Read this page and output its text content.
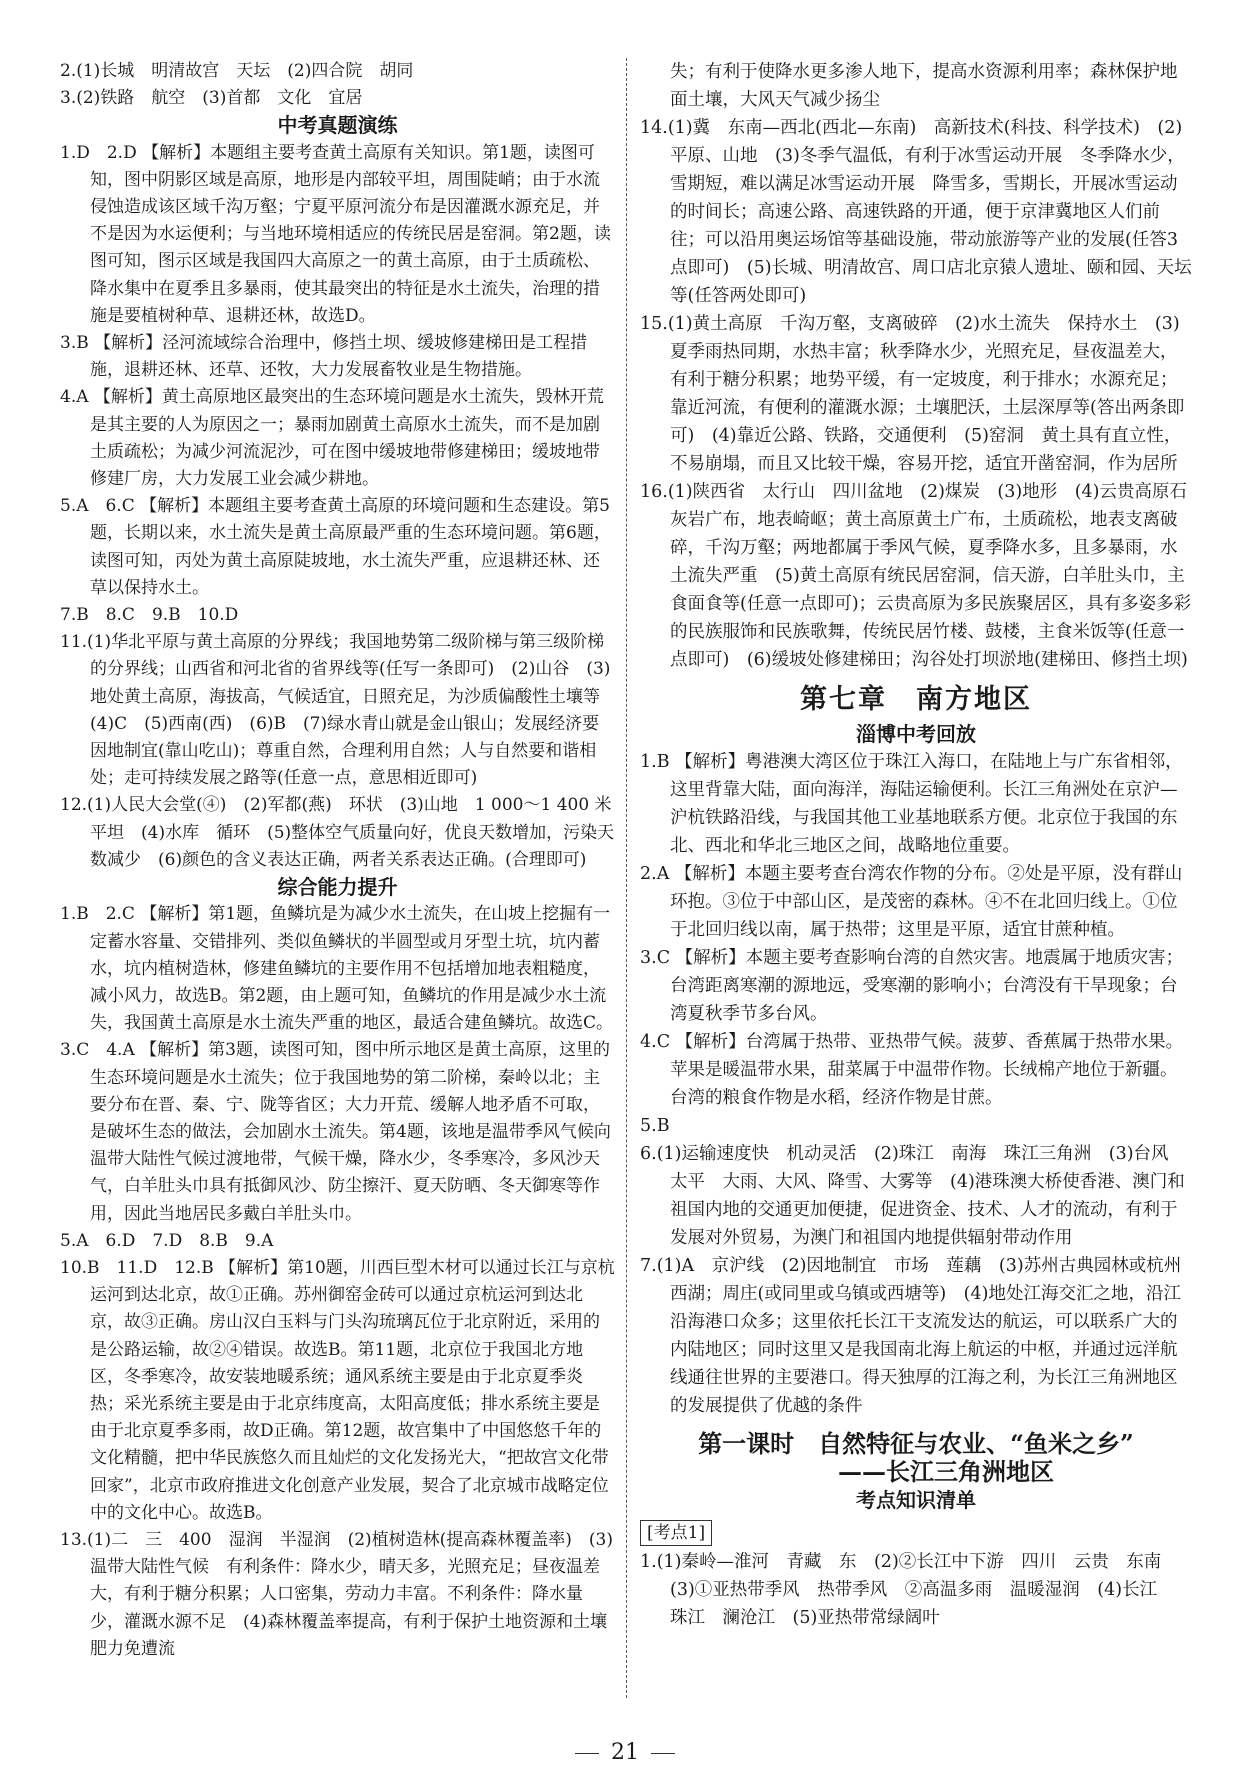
2.(1)长城　明清故宫　天坛　(2)四合院　胡同

3.(2)铁路　航空　(3)首都　文化　宜居

中考真题演练

1.D　2.D 【解析】本题组主要考查黄土高原有关知识。第1题，读图可知，图中阴影区域是高原，地形是内部较平坦，周围陡峭；由于水流侵蚀造成该区域千沟万壑；宁夏平原河流分布是因灌溉水源充足，并不是因为水运便利；与当地环境相适应的传统民居是窑洞。第2题，读图可知，图示区域是我国四大高原之一的黄土高原，由于土质疏松、降水集中在夏季且多暴雨，使其最突出的特征是水土流失，治理的措施是要植树种草、退耕还林，故选D。

3.B 【解析】泾河流域综合治理中，修挡土坝、缓坡修建梯田是工程措施，退耕还林、还草、还牧，大力发展畜牧业是生物措施。

4.A 【解析】黄土高原地区最突出的生态环境问题是水土流失，毁林开荒是其主要的人为原因之一；暴雨加剧黄土高原水土流失，而不是加剧土质疏松；为减少河流泥沙，可在图中缓坡地带修建梯田；缓坡地带修建厂房，大力发展工业会减少耕地。

5.A　6.C 【解析】本题组主要考查黄土高原的环境问题和生态建设。第5题，长期以来，水土流失是黄土高原最严重的生态环境问题。第6题，读图可知，丙处为黄土高原陡坡地，水土流失严重，应退耕还林、还草以保持水土。

7.B　8.C　9.B　10.D

11.(1)华北平原与黄土高原的分界线；我国地势第二级阶梯与第三级阶梯的分界线；山西省和河北省的省界线等(任写一条即可)　(2)山谷　(3)地处黄土高原，海拔高，气候适宜，日照充足，为沙质偏酸性土壤等　(4)C　(5)西南(西)　(6)B　(7)绿水青山就是金山银山；发展经济要因地制宜(靠山吃山)；尊重自然，合理利用自然；人与自然要和谐相处；走可持续发展之路等(任意一点，意思相近即可)

12.(1)人民大会堂(④)　(2)军都(燕)　环状　(3)山地　1 000～1 400 米　平坦　(4)水库　循环　(5)整体空气质量向好，优良天数增加，污染天数减少　(6)颜色的含义表达正确，两者关系表达正确。(合理即可)

综合能力提升

1.B　2.C 【解析】第1题，鱼鳞坑是为减少水土流失，在山坡上挖掘有一定蓄水容量、交错排列、类似鱼鳞状的半圆型或月牙型土坑，坑内蓄水，坑内植树造林，修建鱼鳞坑的主要作用不包括增加地表粗糙度，减小风力，故选B。第2题，由上题可知，鱼鳞坑的作用是减少水土流失，我国黄土高原是水土流失严重的地区，最适合建鱼鳞坑。故选C。

3.C　4.A 【解析】第3题，读图可知，图中所示地区是黄土高原，这里的生态环境问题是水土流失；位于我国地势的第二阶梯，秦岭以北；主要分布在晋、秦、宁、陇等省区；大力开荒、缓解人地矛盾不可取，是破坏生态的做法，会加剧水土流失。第4题，该地是温带季风气候向温带大陆性气候过渡地带，气候干燥，降水少，冬季寒冷，多风沙天气，白羊肚头巾具有抵御风沙、防尘擦汗、夏天防晒、冬天御寒等作用，因此当地居民多戴白羊肚头巾。

5.A　6.D　7.D　8.B　9.A

10.B　11.D　12.B 【解析】第10题，川西巨型木材可以通过长江与京杭运河到达北京，故①正确。苏州御窑金砖可以通过京杭运河到达北京，故③正确。房山汉白玉料与门头沟琉璃瓦位于北京附近，采用的是公路运输，故②④错误。故选B。第11题，北京位于我国北方地区，冬季寒冷，故安装地暖系统；通风系统主要是由于北京夏季炎热；采光系统主要是由于北京纬度高，太阳高度低；排水系统主要是由于北京夏季多雨，故D正确。第12题，故宫集中了中国悠悠千年的文化精髓，把中华民族悠久而且灿烂的文化发扬光大，“把故宫文化带回家”，北京市政府推进文化创意产业发展，契合了北京城市战略定位中的文化中心。故选B。

13.(1)二　三　400　湿润　半湿润　(2)植树造林(提高森林覆盖率)　(3)温带大陆性气候　有利条件：降水少，晴天多，光照充足；昼夜温差大，有利于糖分积累；人口密集，劳动力丰富。不利条件：降水量少，灌溉水源不足　(4)森林覆盖率提高，有利于保护土地资源和土壤肥力免遭流

失；有利于使降水更多渗人地下，提高水资源利用率；森林保护地面土壤，大风天气减少扬尘

14.(1)冀　东南—西北(西北—东南)　高新技术(科技、科学技术)　(2)平原、山地　(3)冬季气温低，有利于冰雪运动开展　冬季降水少，雪期短，难以满足冰雪运动开展　降雪多，雪期长，开展冰雪运动的时间长；高速公路、高速铁路的开通，便于京津冀地区人们前往；可以沿用奥运场馆等基础设施，带动旅游等产业的发展(任答3点即可)　(5)长城、明清故宫、周口店北京猿人遗址、颐和园、天坛等(任答两处即可)

15.(1)黄土高原　千沟万壑，支离破碎　(2)水土流失　保持水土　(3)夏季雨热同期，水热丰富；秋季降水少，光照充足，昼夜温差大，有利于糖分积累；地势平缓，有一定坡度，利于排水；水源充足；靠近河流，有便利的灌溉水源；土壤肥沃，土层深厚等(答出两条即可)　(4)靠近公路、铁路，交通便利　(5)窑洞　黄土具有直立性，不易崩塌，而且又比较干燥，容易开挖，适宜开凿窑洞，作为居所

16.(1)陕西省　太行山　四川盆地　(2)煤炭　(3)地形　(4)云贵高原石灰岩广布，地表崎岖；黄土高原黄土广布，土质疏松，地表支离破碎，千沟万壑；两地都属于季风气候，夏季降水多，且多暴雨，水土流失严重　(5)黄土高原有统民居窑洞，信天游，白羊肚头巾，主食面食等(任意一点即可)；云贵高原为多民族聚居区，具有多姿多彩的民族服饰和民族歌舞，传统民居竹楼、鼓楼，主食米饭等(任意一点即可)　(6)缓坡处修建梯田；沟谷处打坝淤地(建梯田、修挡土坝)

第七章　南方地区

淄博中考回放

1.B 【解析】粤港澳大湾区位于珠江入海口，在陆地上与广东省相邻，这里背靠大陆，面向海洋，海陆运输便利。长江三角洲处在京沪—沪杭铁路沿线，与我国其他工业基地联系方便。北京位于我国的东北、西北和华北三地区之间，战略地位重要。

2.A 【解析】本题主要考查台湾农作物的分布。②处是平原，没有群山环抱。③位于中部山区，是茂密的森林。④不在北回归线上。①位于北回归线以南，属于热带；这里是平原，适宜甘蔗种植。

3.C 【解析】本题主要考查影响台湾的自然灾害。地震属于地质灾害；台湾距离寒潮的源地远，受寒潮的影响小；台湾没有干旱现象；台湾夏秋季节多台风。

4.C 【解析】台湾属于热带、亚热带气候。菠萝、香蕉属于热带水果。苹果是暖温带水果，甜菜属于中温带作物。长绒棉产地位于新疆。台湾的粮食作物是水稻，经济作物是甘蔗。

5.B

6.(1)运输速度快　机动灵活　(2)珠江　南海　珠江三角洲　(3)台风　太平　大雨、大风、降雪、大雾等　(4)港珠澳大桥使香港、澳门和祖国内地的交通更加便捷，促进资金、技术、人才的流动，有利于发展对外贸易，为澳门和祖国内地提供辐射带动作用

7.(1)A　京沪线　(2)因地制宜　市场　莲藕　(3)苏州古典园林或杭州西湖；周庄(或同里或乌镇或西塘等)　(4)地处江海交汇之地，沿江沿海港口众多；这里依托长江干支流发达的航运，可以联系广大的内陆地区；同时这里又是我国南北海上航运的中枢，并通过远洋航线通往世界的主要港口。得天独厚的江海之利，为长江三角洲地区的发展提供了优越的条件

第一课时　自然特征与农业、“鱼米之乡”

——长江三角洲地区

考点知识清单

[考点1]

1.(1)秦岭—淮河　青藏　东　(2)②长江中下游　四川　云贵　东南　(3)①亚热带季风　热带季风　②高温多雨　温暖湿润　(4)长江　珠江　澜沧江　(5)亚热带常绿阔叶

21
